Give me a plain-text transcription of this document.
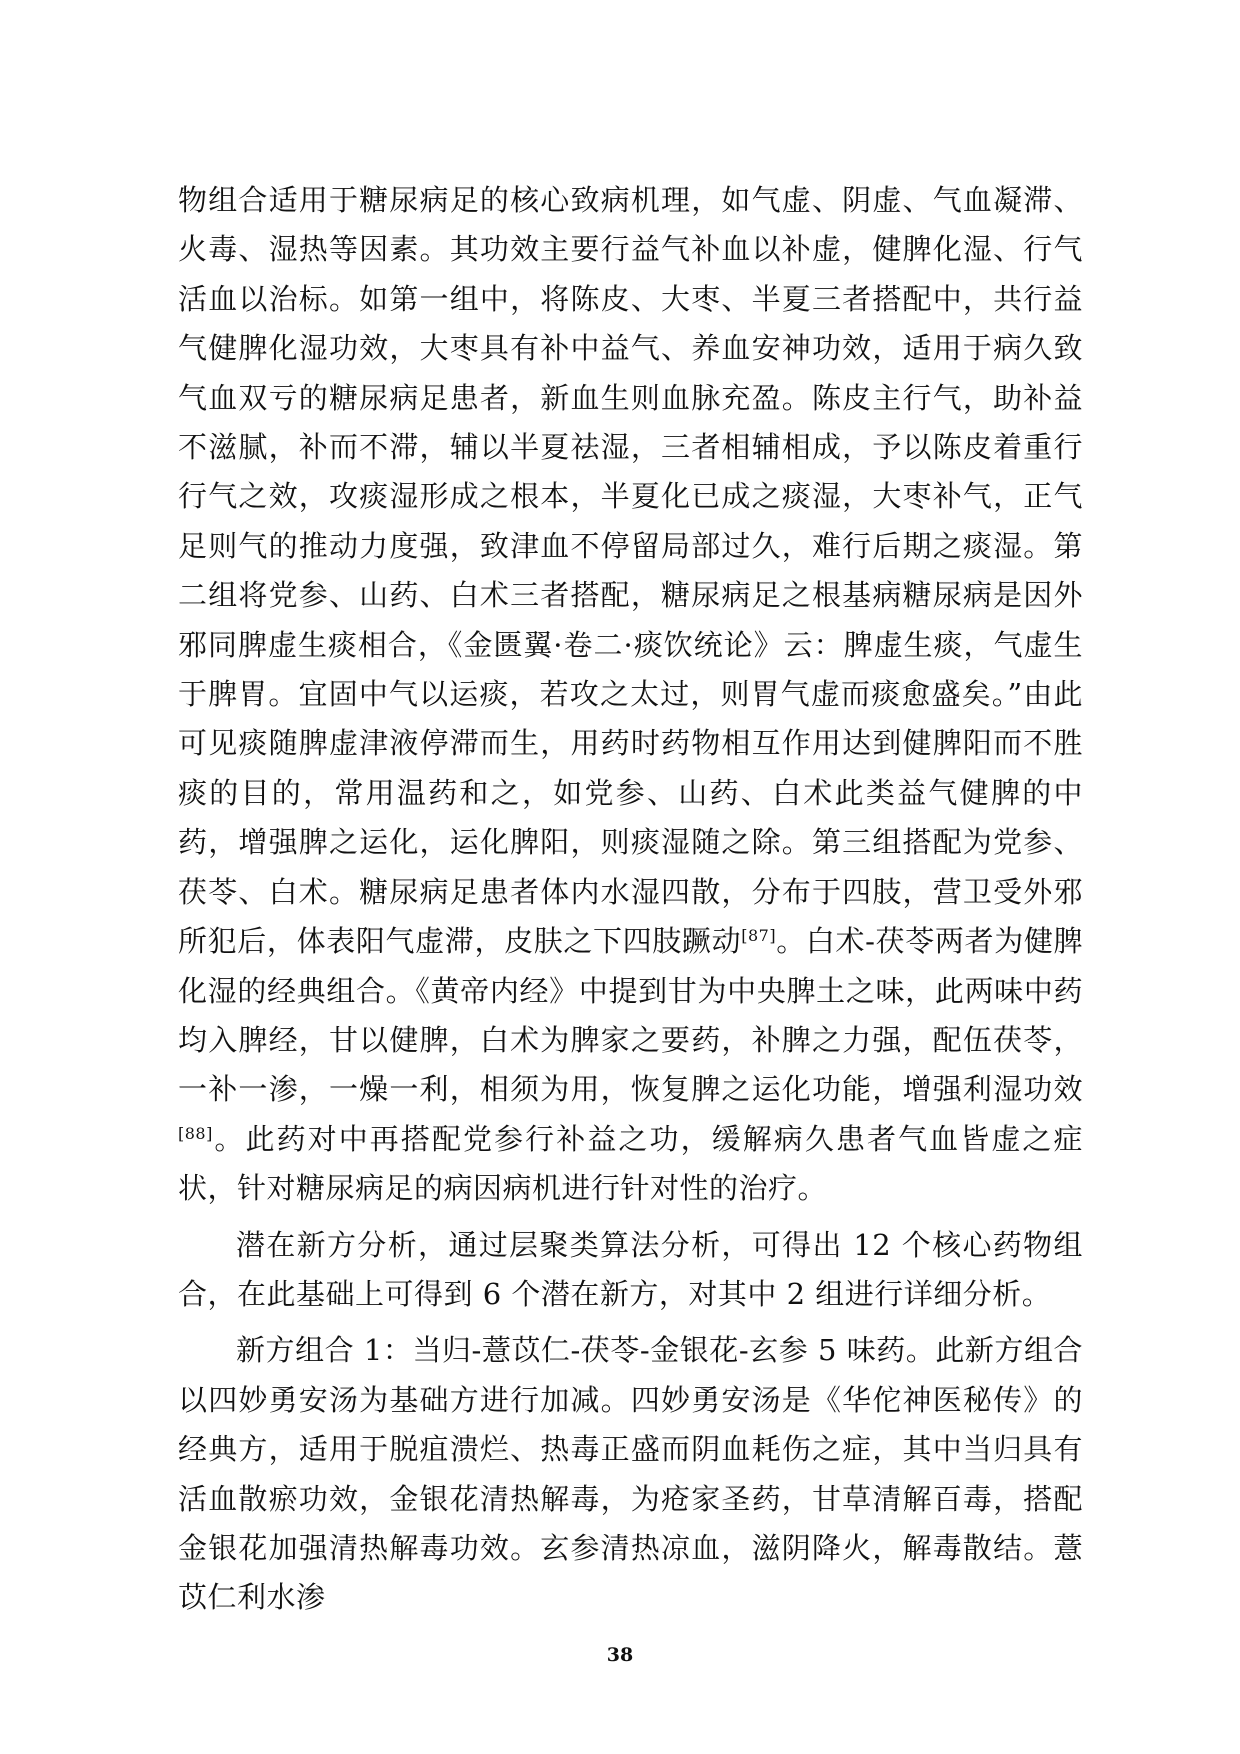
物组合适用于糖尿病足的核心致病机理，如气虚、阴虚、气血凝滞、火毒、湿热等因素。其功效主要行益气补血以补虚，健脾化湿、行气活血以治标。如第一组中，将陈皮、大枣、半夏三者搭配中，共行益气健脾化湿功效，大枣具有补中益气、养血安神功效，适用于病久致气血双亏的糖尿病足患者，新血生则血脉充盈。陈皮主行气，助补益不滋腻，补而不滞，辅以半夏祛湿，三者相辅相成，予以陈皮着重行行气之效，攻痰湿形成之根本，半夏化已成之痰湿，大枣补气，正气足则气的推动力度强，致津血不停留局部过久，难行后期之痰湿。第二组将党参、山药、白术三者搭配，糖尿病足之根基病糖尿病是因外邪同脾虚生痰相合，《金匮翼·卷二·痰饮统论》云：脾虚生痰，气虚生于脾胃。宜固中气以运痰，若攻之太过，则胃气虚而痰愈盛矣。”由此可见痰随脾虚津液停滞而生，用药时药物相互作用达到健脾阳而不胜痰的目的，常用温药和之，如党参、山药、白术此类益气健脾的中药，增强脾之运化，运化脾阳，则痰湿随之除。第三组搭配为党参、茯苓、白术。糖尿病足患者体内水湿四散，分布于四肢，营卫受外邪所犯后，体表阳气虚滞，皮肤之下四肢蹶动[87]。白术-茯苓两者为健脾化湿的经典组合。《黄帝内经》中提到甘为中央脾土之味，此两味中药均入脾经，甘以健脾，白术为脾家之要药，补脾之力强，配伍茯苓，一补一渗，一燥一利，相须为用，恢复脾之运化功能，增强利湿功效[88]。此药对中再搭配党参行补益之功，缓解病久患者气血皆虚之症状，针对糖尿病足的病因病机进行针对性的治疗。

潜在新方分析，通过层聚类算法分析，可得出 12 个核心药物组合，在此基础上可得到 6 个潜在新方，对其中 2 组进行详细分析。

新方组合 1：当归-薏苡仁-茯苓-金银花-玄参 5 味药。此新方组合以四妙勇安汤为基础方进行加减。四妙勇安汤是《华佗神医秘传》的经典方，适用于脱疽溃烂、热毒正盛而阴血耗伤之症，其中当归具有活血散瘀功效，金银花清热解毒，为疮家圣药，甘草清解百毒，搭配金银花加强清热解毒功效。玄参清热凉血，滋阴降火，解毒散结。薏苡仁利水渗

38
